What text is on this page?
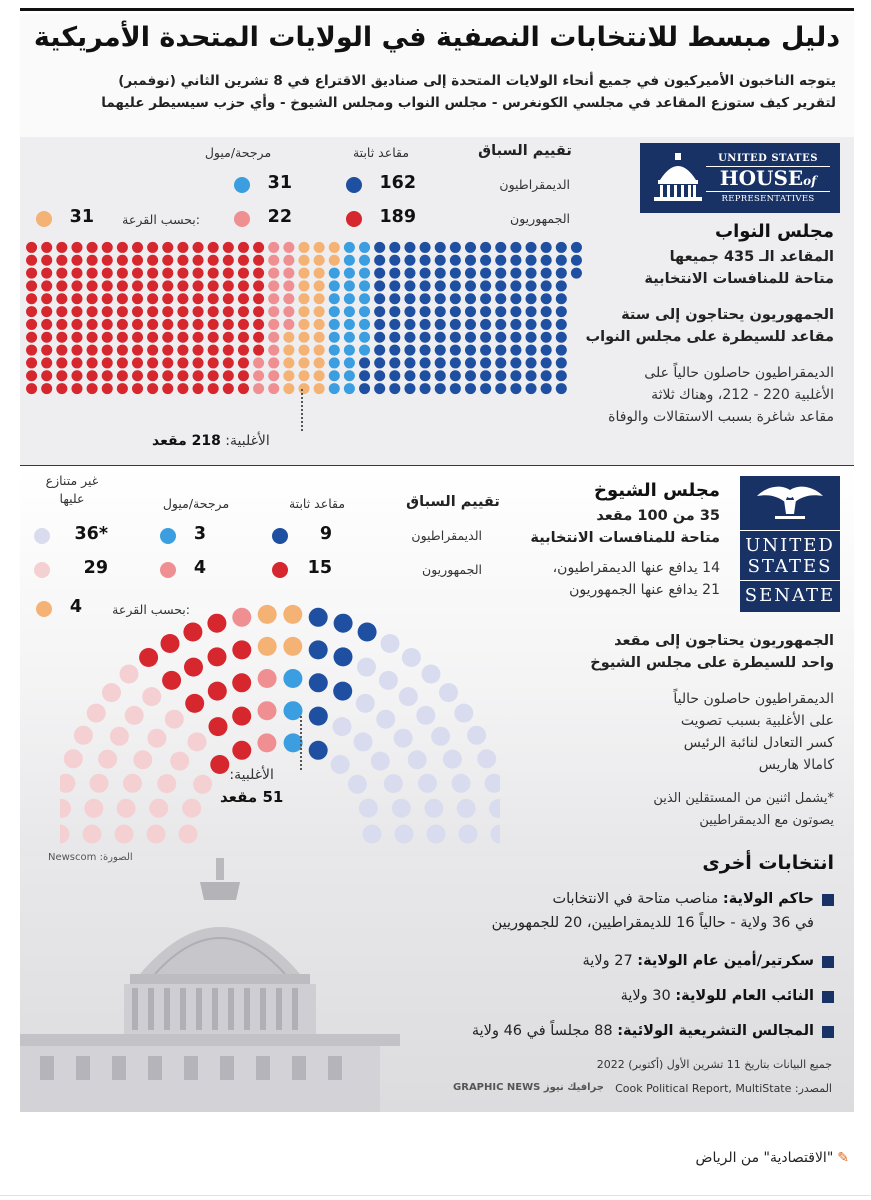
دليل مبسط للانتخابات النصفية في الولايات المتحدة الأمريكية
يتوجه الناخبون الأميركيون في جميع أنحاء الولايات المتحدة إلى صناديق الاقتراع في 8 تشرين الثاني (نوفمبر)
لتقرير كيف ستوزع المقاعد في مجلسي الكونغرس - مجلس النواب ومجلس الشيوخ - وأي حزب سيسيطر عليهما
UNITED STATES
HOUSEof
REPRESENTATIVES
تقييم السباق
مقاعد ثابتة
مرجحة/ميول
الديمقراطيون
162
31
الجمهوريون
189
22
بحسب القرعة:
31
الأغلبية: 218 مقعد
مجلس النواب
المقاعد الـ 435 جميعها
متاحة للمنافسات الانتخابية
الجمهوريون يحتاجون إلى ستة
مقاعد للسيطرة على مجلس النواب
الديمقراطيون حاصلون حالياً على
الأغلبية 220 - 212، وهناك ثلاثة
مقاعد شاغرة بسبب الاستقالات والوفاة
UNITED
STATES
SENATE
مجلس الشيوخ
35 من 100 مقعد
متاحة للمنافسات الانتخابية
14 يدافع عنها الديمقراطيون،
21 يدافع عنها الجمهوريون
الجمهوريون يحتاجون إلى مقعد
واحد للسيطرة على مجلس الشيوخ
الديمقراطيون حاصلون حالياً
على الأغلبية بسبب تصويت
كسر التعادل لنائبة الرئيس
كامالا هاريس
*يشمل اثنين من المستقلين الذين
يصوتون مع الديمقراطيين
تقييم السباق
مقاعد ثابتة
مرجحة/ميول
غير متنازع
عليها
الديمقراطيون
9
3
36*
الجمهوريون
15
4
29
بحسب القرعة:
4
الأغلبية:
51 مقعد
الصورة: Newscom	انتخابات أخرى
حاكم الولاية: مناصب متاحة في الانتخابات
في 36 ولاية - حالياً 16 للديمقراطيين، 20 للجمهوريين
سكرتير/أمين عام الولاية: 27 ولاية
النائب العام للولاية: 30 ولاية
المجالس التشريعية الولائية: 88 مجلساً في 46 ولاية
جميع البيانات بتاريخ 11 تشرين الأول (أكتوبر) 2022
المصدر: Cook Political Report, MultiState
GRAPHIC NEWS جرافيك نيوز
✎"الاقتصادية" من الرياض
